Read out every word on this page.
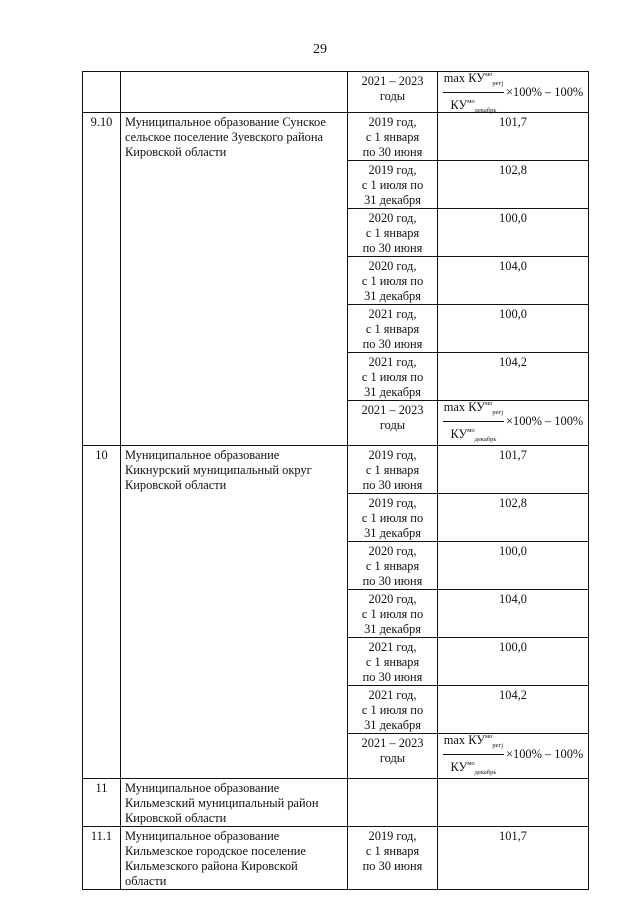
29

		2021 – 2023
годы	$\frac{\max КУ^{мо}_{регj}}{КУ^{мо}_{декабрь}} \times 100\% - 100\%$

9.10	Муниципальное образование Сунское
сельское поселение Зуевского района
Кировской области	2019 год,
с 1 января
по 30 июня	101,7

		2019 год,
с 1 июля по
31 декабря	102,8

		2020 год,
с 1 января
по 30 июня	100,0

		2020 год,
с 1 июля по
31 декабря	104,0

		2021 год,
с 1 января
по 30 июня	100,0

		2021 год,
с 1 июля по
31 декабря	104,2

		2021 – 2023
годы	$\frac{\max КУ^{мо}_{регj}}{КУ^{мо}_{декабрь}} \times 100\% - 100\%$

10	Муниципальное образование
Кикнурский муниципальный округ
Кировской области	2019 год,
с 1 января
по 30 июня	101,7

		2019 год,
с 1 июля по
31 декабря	102,8

		2020 год,
с 1 января
по 30 июня	100,0

		2020 год,
с 1 июля по
31 декабря	104,0

		2021 год,
с 1 января
по 30 июня	100,0

		2021 год,
с 1 июля по
31 декабря	104,2

		2021 – 2023
годы	$\frac{\max КУ^{мо}_{регj}}{КУ^{мо}_{декабрь}} \times 100\% - 100\%$

11	Муниципальное образование
Кильмезский муниципальный район
Кировской области		

11.1	Муниципальное образование
Кильмезское городское поселение
Кильмезского района Кировской
области	2019 год,
с 1 января
по 30 июня	101,7
